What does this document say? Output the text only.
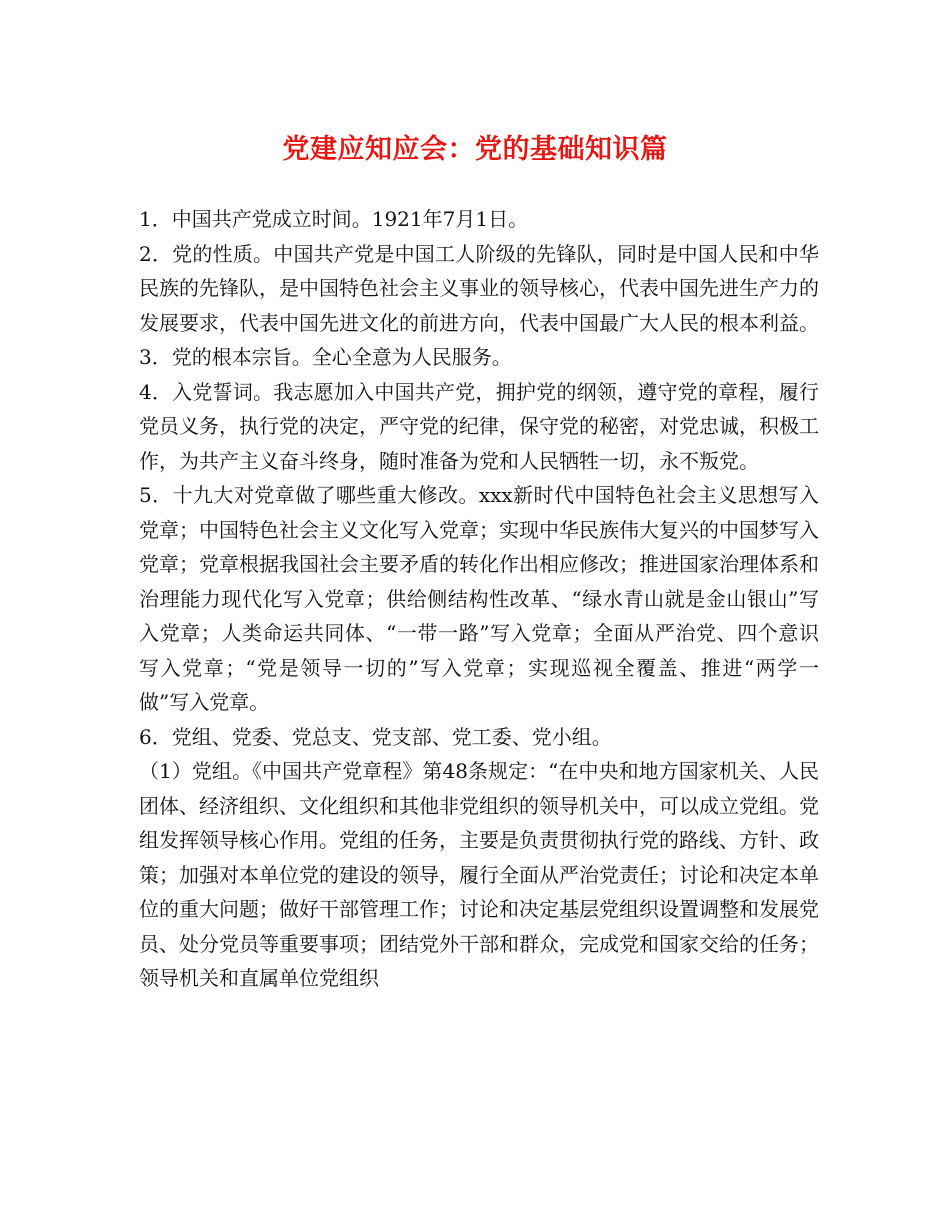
党建应知应会：党的基础知识篇

1．中国共产党成立时间。1921年7月1日。

2．党的性质。中国共产党是中国工人阶级的先锋队，同时是中国人民和中华民族的先锋队，是中国特色社会主义事业的领导核心，代表中国先进生产力的发展要求，代表中国先进文化的前进方向，代表中国最广大人民的根本利益。

3．党的根本宗旨。全心全意为人民服务。

4．入党誓词。我志愿加入中国共产党，拥护党的纲领，遵守党的章程，履行党员义务，执行党的决定，严守党的纪律，保守党的秘密，对党忠诚，积极工作，为共产主义奋斗终身，随时准备为党和人民牺牲一切，永不叛党。

5．十九大对党章做了哪些重大修改。xxx新时代中国特色社会主义思想写入党章；中国特色社会主义文化写入党章；实现中华民族伟大复兴的中国梦写入党章；党章根据我国社会主要矛盾的转化作出相应修改；推进国家治理体系和治理能力现代化写入党章；供给侧结构性改革、“绿水青山就是金山银山”写入党章；人类命运共同体、“一带一路”写入党章；全面从严治党、四个意识写入党章；“党是领导一切的”写入党章；实现巡视全覆盖、推进“两学一做”写入党章。

6．党组、党委、党总支、党支部、党工委、党小组。

（1）党组。《中国共产党章程》第48条规定：“在中央和地方国家机关、人民团体、经济组织、文化组织和其他非党组织的领导机关中，可以成立党组。党组发挥领导核心作用。党组的任务，主要是负责贯彻执行党的路线、方针、政策；加强对本单位党的建设的领导，履行全面从严治党责任；讨论和决定本单位的重大问题；做好干部管理工作；讨论和决定基层党组织设置调整和发展党员、处分党员等重要事项；团结党外干部和群众，完成党和国家交给的任务；领导机关和直属单位党组织
